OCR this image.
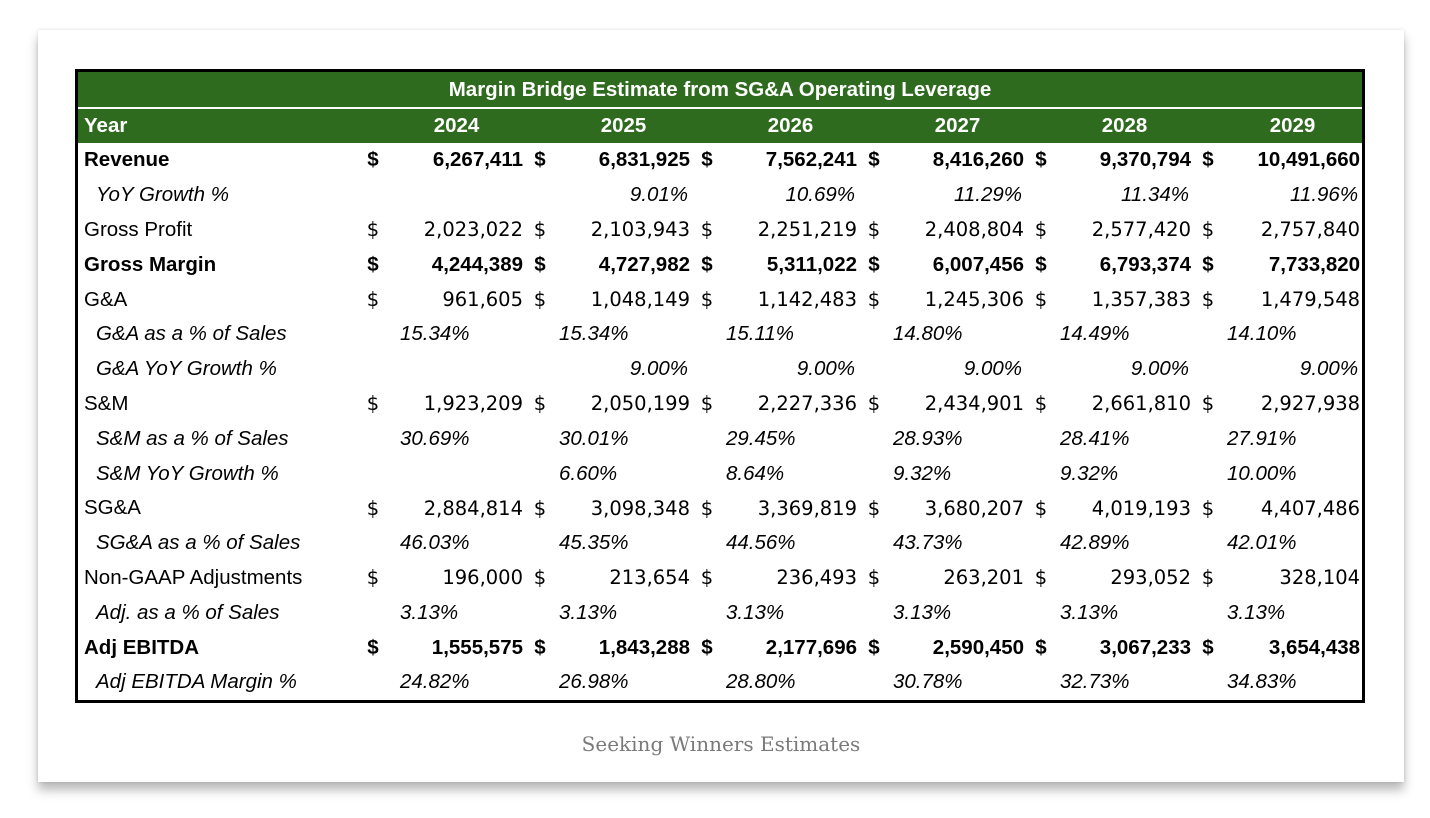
Margin Bridge Estimate from SG&A Operating Leverage												
Year		2024		2025		2026		2027		2028		2029
Revenue	$	6,267,411	$	6,831,925	$	7,562,241	$	8,416,260	$	9,370,794	$	10,491,660
YoY Growth %			9.01%		10.69%		11.29%		11.34%		11.96%	
Gross Profit	$	2,023,022	$	2,103,943	$	2,251,219	$	2,408,804	$	2,577,420	$	2,757,840
Gross Margin	$	4,244,389	$	4,727,982	$	5,311,022	$	6,007,456	$	6,793,374	$	7,733,820
G&A	$	961,605	$	1,048,149	$	1,142,483	$	1,245,306	$	1,357,383	$	1,479,548
G&A as a % of Sales	15.34%		15.34%		15.11%		14.80%		14.49%		14.10%	
G&A YoY Growth %			9.00%		9.00%		9.00%		9.00%		9.00%	
S&M	$	1,923,209	$	2,050,199	$	2,227,336	$	2,434,901	$	2,661,810	$	2,927,938
S&M as a % of Sales	30.69%		30.01%		29.45%		28.93%		28.41%		27.91%	
S&M YoY Growth %			6.60%		8.64%		9.32%		9.32%		10.00%	
SG&A	$	2,884,814	$	3,098,348	$	3,369,819	$	3,680,207	$	4,019,193	$	4,407,486
SG&A as a % of Sales	46.03%		45.35%		44.56%		43.73%		42.89%		42.01%	
Non-GAAP Adjustments	$	196,000	$	213,654	$	236,493	$	263,201	$	293,052	$	328,104
Adj. as a % of Sales	3.13%		3.13%		3.13%		3.13%		3.13%		3.13%	
Adj EBITDA	$	1,555,575	$	1,843,288	$	2,177,696	$	2,590,450	$	3,067,233	$	3,654,438
Adj EBITDA Margin %	24.82%		26.98%		28.80%		30.78%		32.73%		34.83%	
Seeking Winners Estimates
